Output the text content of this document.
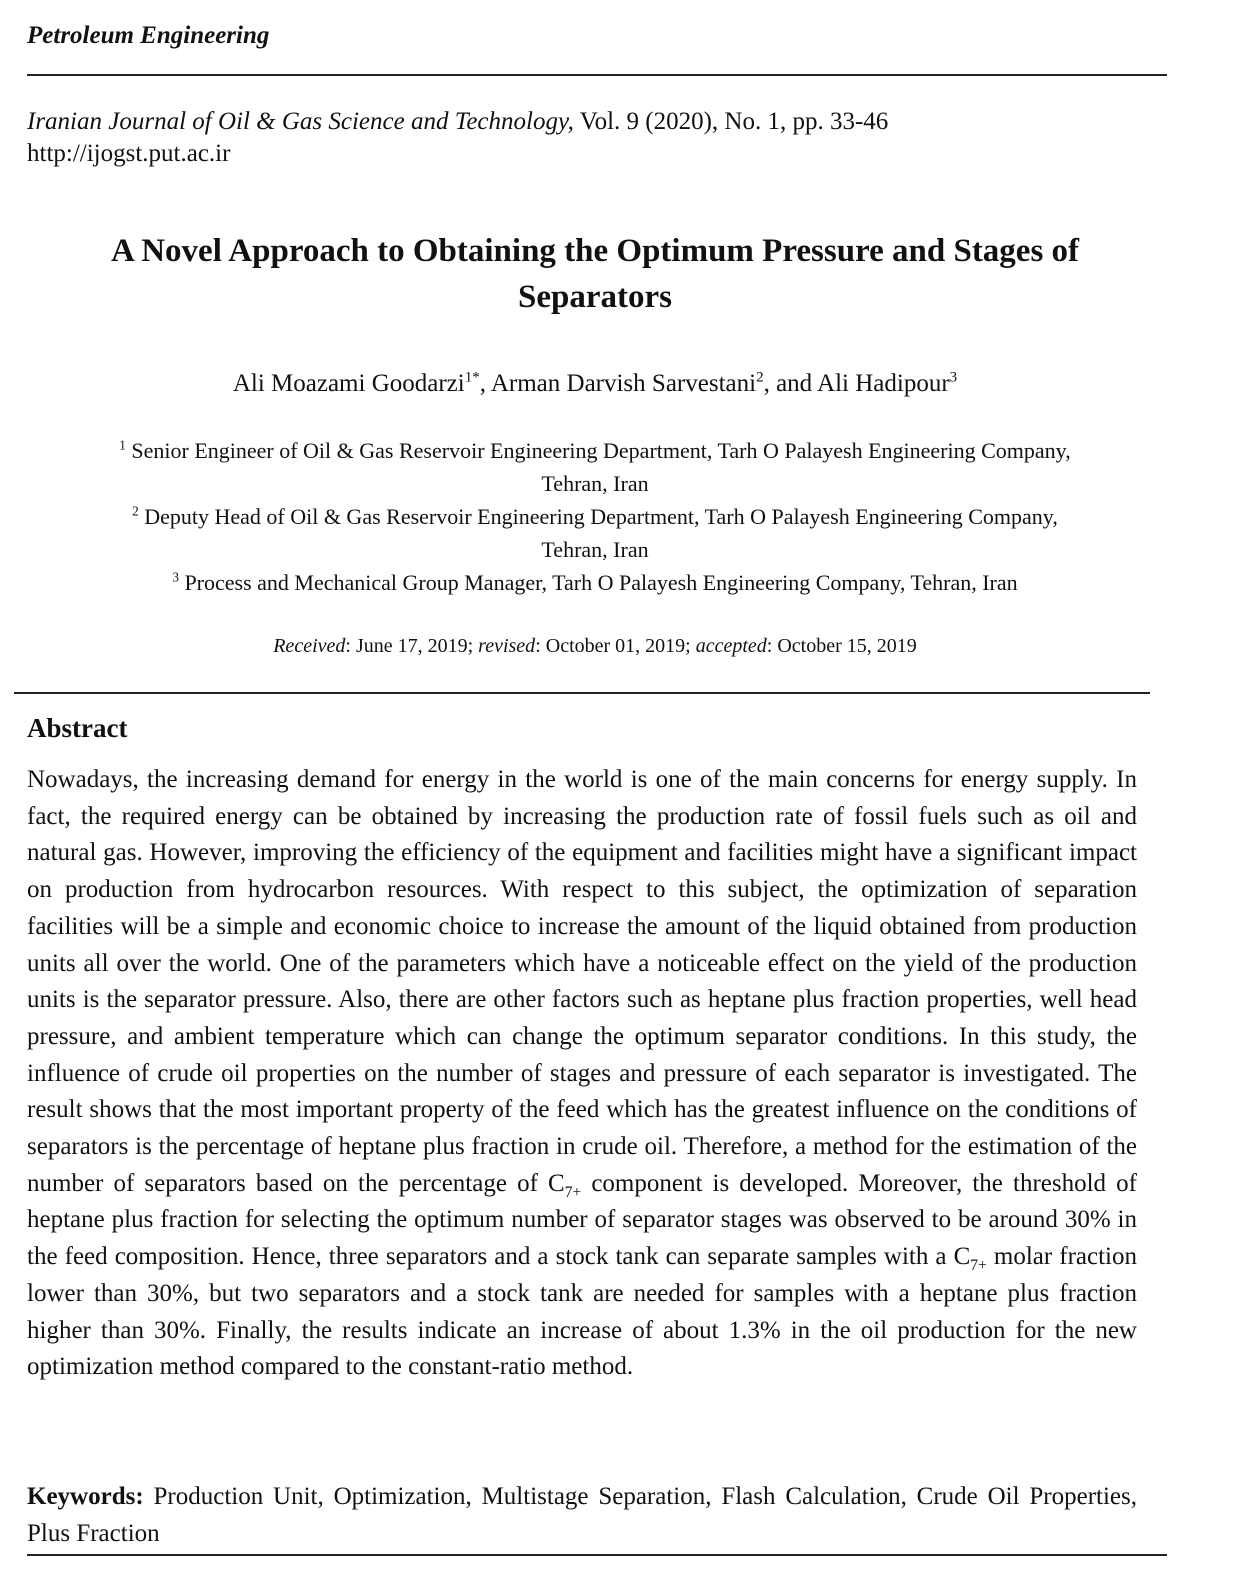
Petroleum Engineering
Iranian Journal of Oil & Gas Science and Technology, Vol. 9 (2020), No. 1, pp. 33-46
http://ijogst.put.ac.ir
A Novel Approach to Obtaining the Optimum Pressure and Stages of
Separators
Ali Moazami Goodarzi$^{1*}$, Arman Darvish Sarvestani$^2$, and Ali Hadipour$^3$

$^1$ Senior Engineer of Oil & Gas Reservoir Engineering Department, Tarh O Palayesh Engineering Company,
Tehran, Iran

$^2$ Deputy Head of Oil & Gas Reservoir Engineering Department, Tarh O Palayesh Engineering Company,
Tehran, Iran

$^3$ Process and Mechanical Group Manager, Tarh O Palayesh Engineering Company, Tehran, Iran

Received: June 17, 2019; revised: October 01, 2019; accepted: October 15, 2019
Abstract

Nowadays, the increasing demand for energy in the world is one of the main concerns for energy supply. In fact, the required energy can be obtained by increasing the production rate of fossil fuels such as oil and natural gas. However, improving the efficiency of the equipment and facilities might have a significant impact on production from hydrocarbon resources. With respect to this subject, the optimization of separation facilities will be a simple and economic choice to increase the amount of the liquid obtained from production units all over the world. One of the parameters which have a noticeable effect on the yield of the production units is the separator pressure. Also, there are other factors such as heptane plus fraction properties, well head pressure, and ambient temperature which can change the optimum separator conditions. In this study, the influence of crude oil properties on the number of stages and pressure of each separator is investigated. The result shows that the most important property of the feed which has the greatest influence on the conditions of separators is the percentage of heptane plus fraction in crude oil. Therefore, a method for the estimation of the number of separators based on the percentage of $C_{7+}$ component is developed. Moreover, the threshold of heptane plus fraction for selecting the optimum number of separator stages was observed to be around 30% in the feed composition. Hence, three separators and a stock tank can separate samples with a $C_{7+}$ molar fraction lower than 30%, but two separators and a stock tank are needed for samples with a heptane plus fraction higher than 30%. Finally, the results indicate an increase of about 1.3% in the oil production for the new optimization method compared to the constant-ratio method.

Keywords: Production Unit, Optimization, Multistage Separation, Flash Calculation, Crude Oil Properties, Plus Fraction
